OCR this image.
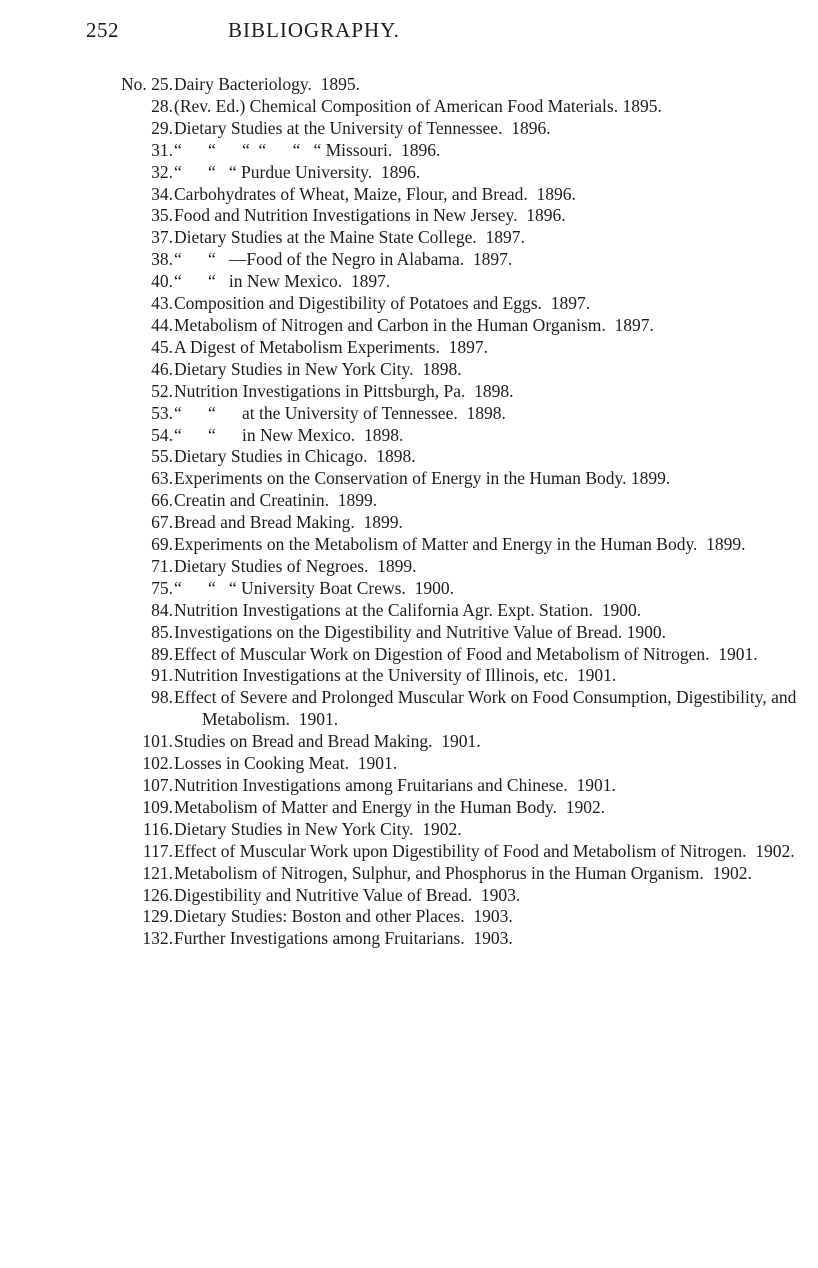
252	BIBLIOGRAPHY.
No. 25. Dairy Bacteriology.  1895.
28. (Rev. Ed.) Chemical Composition of American Food Materials. 1895.
29. Dietary Studies at the University of Tennessee.  1896.
31. “      “      “  “      “   “ Missouri.  1896.
32. “      “   “ Purdue University.  1896.
34. Carbohydrates of Wheat, Maize, Flour, and Bread.  1896.
35. Food and Nutrition Investigations in New Jersey.  1896.
37. Dietary Studies at the Maine State College.  1897.
38. “      “   —Food of the Negro in Alabama.  1897.
40. “      “   in New Mexico.  1897.
43. Composition and Digestibility of Potatoes and Eggs.  1897.
44. Metabolism of Nitrogen and Carbon in the Human Organism.  1897.
45. A Digest of Metabolism Experiments.  1897.
46. Dietary Studies in New York City.  1898.
52. Nutrition Investigations in Pittsburgh, Pa.  1898.
53. “      “      at the University of Tennessee.  1898.
54. “      “      in New Mexico.  1898.
55. Dietary Studies in Chicago.  1898.
63. Experiments on the Conservation of Energy in the Human Body. 1899.
66. Creatin and Creatinin.  1899.
67. Bread and Bread Making.  1899.
69. Experiments on the Metabolism of Matter and Energy in the Human Body.  1899.
71. Dietary Studies of Negroes.  1899.
75. “      “   “ University Boat Crews.  1900.
84. Nutrition Investigations at the California Agr. Expt. Station.  1900.
85. Investigations on the Digestibility and Nutritive Value of Bread. 1900.
89. Effect of Muscular Work on Digestion of Food and Metabolism of Nitrogen.  1901.
91. Nutrition Investigations at the University of Illinois, etc.  1901.
98. Effect of Severe and Prolonged Muscular Work on Food Consumption, Digestibility, and Metabolism.  1901.
101. Studies on Bread and Bread Making.  1901.
102. Losses in Cooking Meat.  1901.
107. Nutrition Investigations among Fruitarians and Chinese.  1901.
109. Metabolism of Matter and Energy in the Human Body.  1902.
116. Dietary Studies in New York City.  1902.
117. Effect of Muscular Work upon Digestibility of Food and Metabolism of Nitrogen.  1902.
121. Metabolism of Nitrogen, Sulphur, and Phosphorus in the Human Organism.  1902.
126. Digestibility and Nutritive Value of Bread.  1903.
129. Dietary Studies: Boston and other Places.  1903.
132. Further Investigations among Fruitarians.  1903.
